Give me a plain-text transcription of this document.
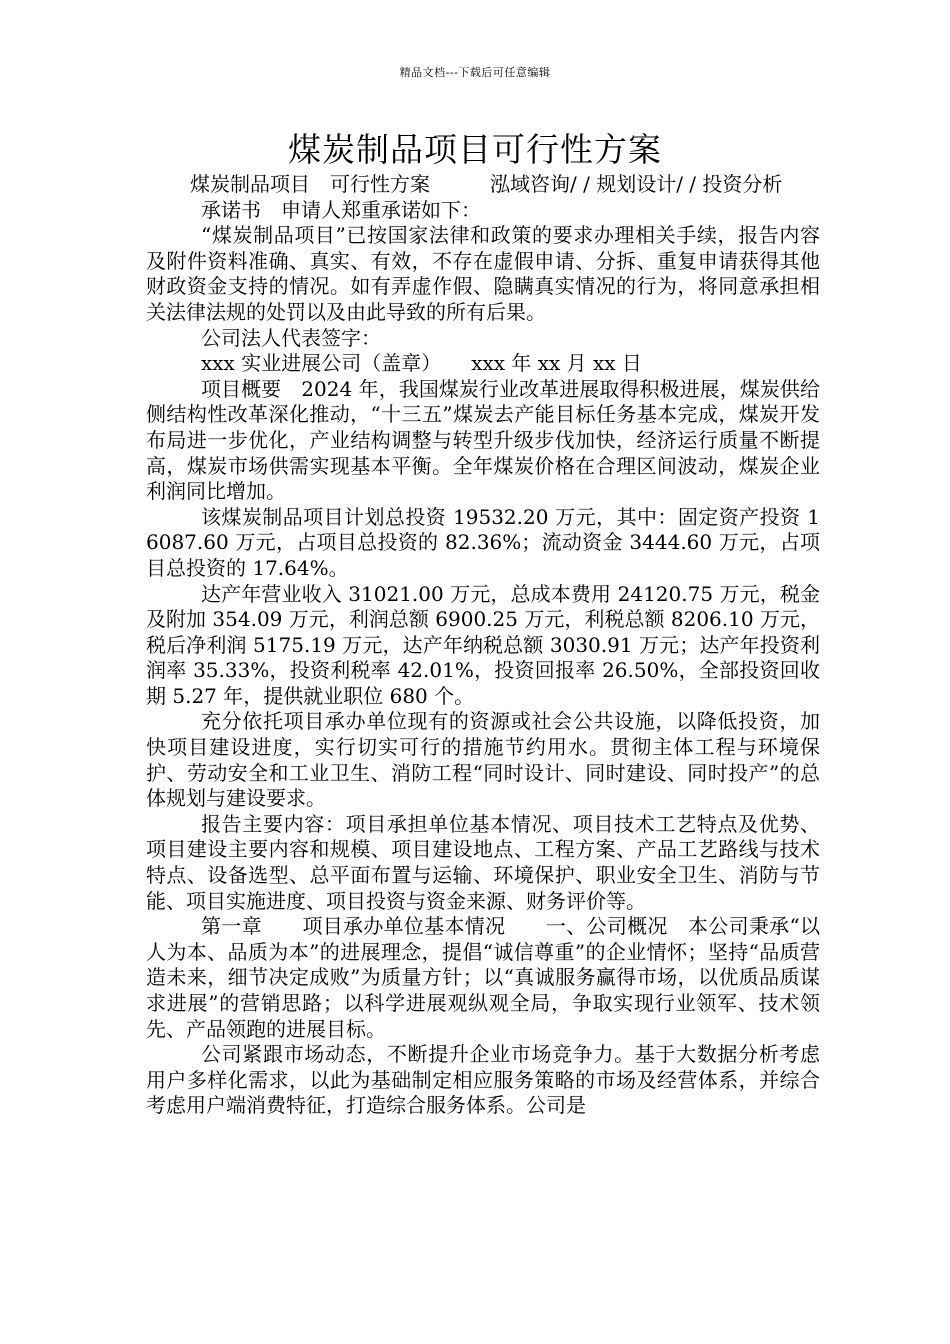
精品文档---下载后可任意编辑
煤炭制品项目可行性方案

煤炭制品项目　可行性方案　　　泓域咨询/ / 规划设计/ / 投资分析

承诺书　申请人郑重承诺如下：

“煤炭制品项目”已按国家法律和政策的要求办理相关手续，报告内容及附件资料准确、真实、有效，不存在虚假申请、分拆、重复申请获得其他财政资金支持的情况。如有弄虚作假、隐瞒真实情况的行为，将同意承担相关法律法规的处罚以及由此导致的所有后果。

公司法人代表签字：

xxx 实业进展公司（盖章）　　xxx 年 xx 月 xx 日

项目概要　2024 年，我国煤炭行业改革进展取得积极进展，煤炭供给侧结构性改革深化推动，“十三五”煤炭去产能目标任务基本完成，煤炭开发布局进一步优化，产业结构调整与转型升级步伐加快，经济运行质量不断提高，煤炭市场供需实现基本平衡。全年煤炭价格在合理区间波动，煤炭企业利润同比增加。

该煤炭制品项目计划总投资 19532.20 万元，其中：固定资产投资 16087.60 万元，占项目总投资的 82.36%；流动资金 3444.60 万元，占项目总投资的 17.64%。

达产年营业收入 31021.00 万元，总成本费用 24120.75 万元，税金及附加 354.09 万元，利润总额 6900.25 万元，利税总额 8206.10 万元，税后净利润 5175.19 万元，达产年纳税总额 3030.91 万元；达产年投资利润率 35.33%，投资利税率 42.01%，投资回报率 26.50%，全部投资回收期 5.27 年，提供就业职位 680 个。

充分依托项目承办单位现有的资源或社会公共设施，以降低投资，加快项目建设进度，实行切实可行的措施节约用水。贯彻主体工程与环境保护、劳动安全和工业卫生、消防工程“同时设计、同时建设、同时投产”的总体规划与建设要求。

报告主要内容：项目承担单位基本情况、项目技术工艺特点及优势、项目建设主要内容和规模、项目建设地点、工程方案、产品工艺路线与技术特点、设备选型、总平面布置与运输、环境保护、职业安全卫生、消防与节能、项目实施进度、项目投资与资金来源、财务评价等。

第一章　　项目承办单位基本情况　　一、公司概况　本公司秉承“以人为本、品质为本”的进展理念，提倡“诚信尊重”的企业情怀；坚持“品质营造未来，细节决定成败”为质量方针；以“真诚服务赢得市场，以优质品质谋求进展”的营销思路；以科学进展观纵观全局，争取实现行业领军、技术领先、产品领跑的进展目标。

公司紧跟市场动态，不断提升企业市场竞争力。基于大数据分析考虑用户多样化需求，以此为基础制定相应服务策略的市场及经营体系，并综合考虑用户端消费特征，打造综合服务体系。公司是
